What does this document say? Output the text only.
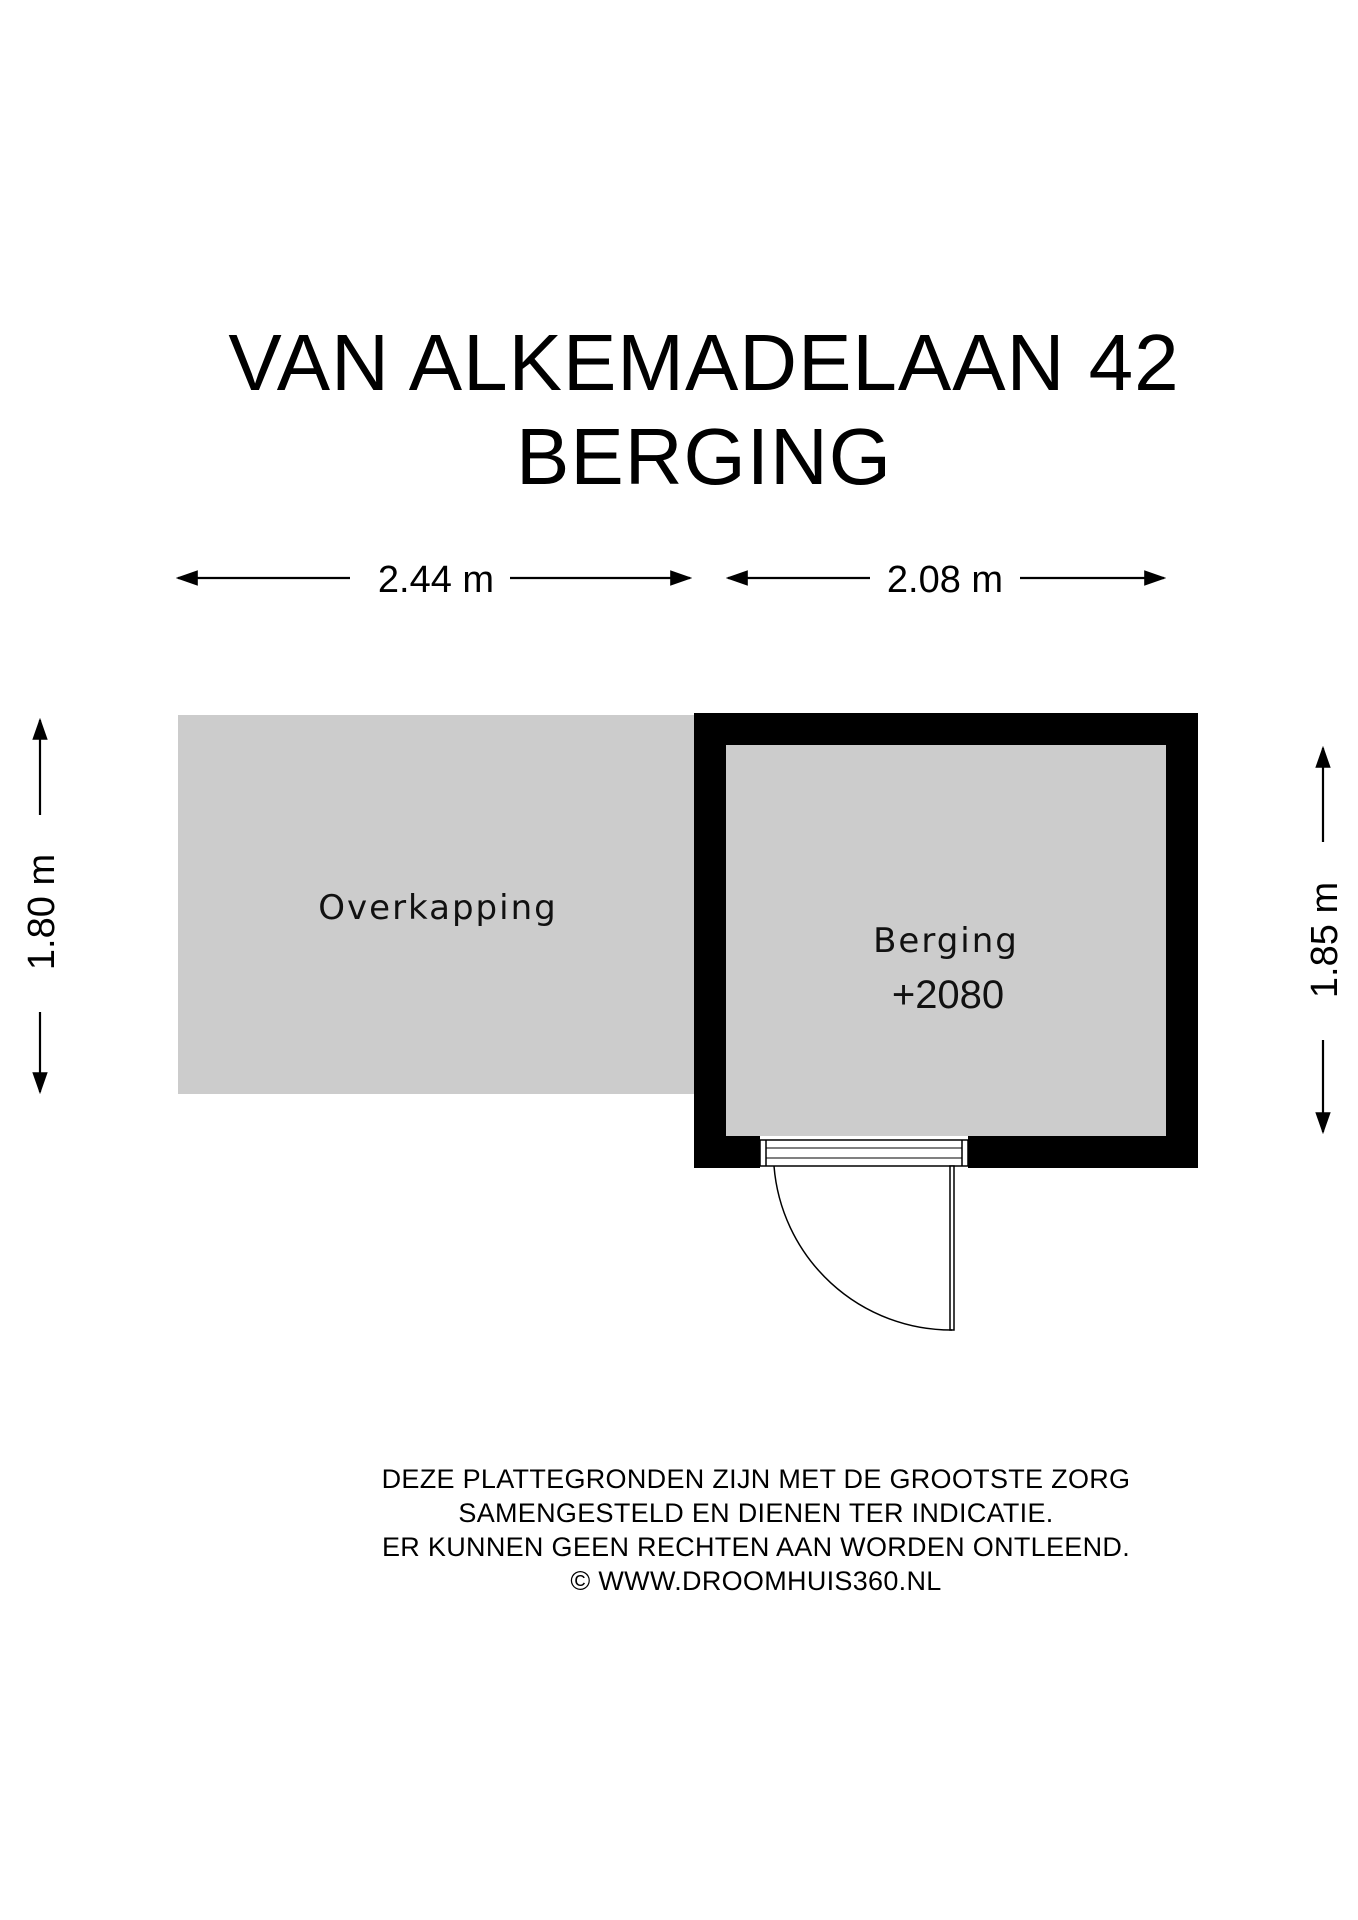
VAN ALKEMADELAAN 42
BERGING
2.44 m	2.08 m
1.80 m	1.85 m
Overkapping
Berging
+2080
DEZE PLATTEGRONDEN ZIJN MET DE GROOTSTE ZORG
SAMENGESTELD EN DIENEN TER INDICATIE.
ER KUNNEN GEEN RECHTEN AAN WORDEN ONTLEEND.
© WWW.DROOMHUIS360.NL
